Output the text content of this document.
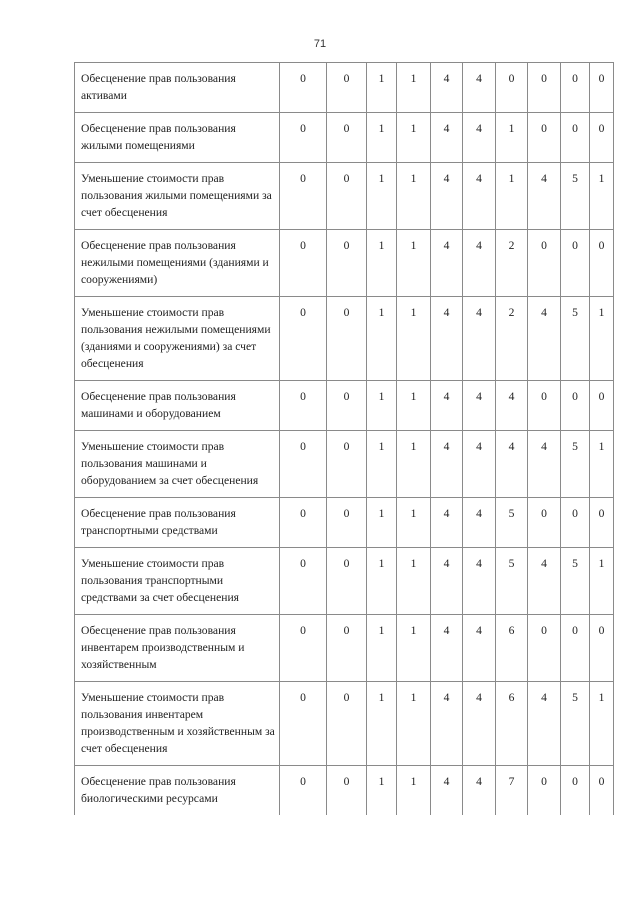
71
Обесценение прав пользования активами	0	0	1	1	4	4	0	0	0	0
Обесценение прав пользования жилыми помещениями	0	0	1	1	4	4	1	0	0	0
Уменьшение стоимости прав пользования жилыми помещениями за счет обесценения	0	0	1	1	4	4	1	4	5	1
Обесценение прав пользования нежилыми помещениями (зданиями и сооружениями)	0	0	1	1	4	4	2	0	0	0
Уменьшение стоимости прав пользования нежилыми помещениями (зданиями и сооружениями) за счет обесценения	0	0	1	1	4	4	2	4	5	1
Обесценение прав пользования машинами и оборудованием	0	0	1	1	4	4	4	0	0	0
Уменьшение стоимости прав пользования машинами и оборудованием за счет обесценения	0	0	1	1	4	4	4	4	5	1
Обесценение прав пользования транспортными средствами	0	0	1	1	4	4	5	0	0	0
Уменьшение стоимости прав пользования транспортными средствами за счет обесценения	0	0	1	1	4	4	5	4	5	1
Обесценение прав пользования инвентарем производственным и хозяйственным	0	0	1	1	4	4	6	0	0	0
Уменьшение стоимости прав пользования инвентарем производственным и хозяйственным за счет обесценения	0	0	1	1	4	4	6	4	5	1
Обесценение прав пользования биологическими ресурсами	0	0	1	1	4	4	7	0	0	0
